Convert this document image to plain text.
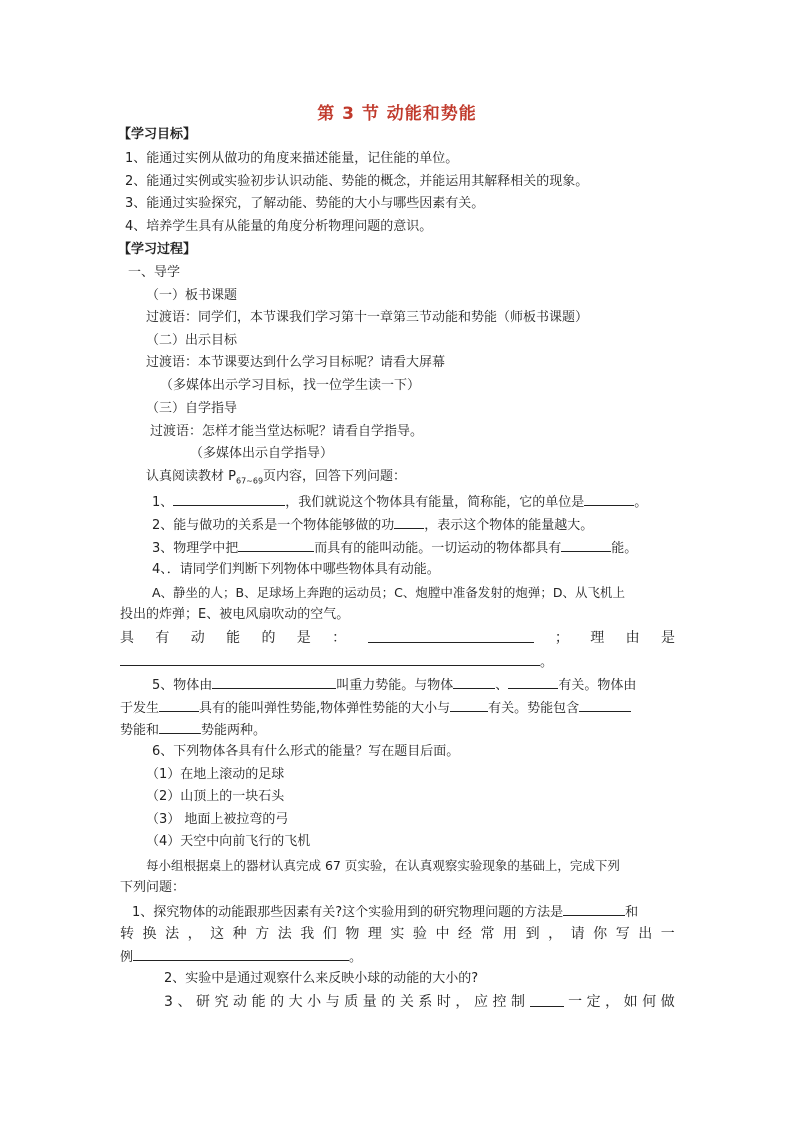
第 3 节 动能和势能
【学习目标】
1、能通过实例从做功的角度来描述能量，记住能的单位。
2、能通过实例或实验初步认识动能、势能的概念，并能运用其解释相关的现象。
3、能通过实验探究，了解动能、势能的大小与哪些因素有关。
4、培养学生具有从能量的角度分析物理问题的意识。
【学习过程】
一、导学
（一）板书课题
过渡语：同学们，本节课我们学习第十一章第三节动能和势能（师板书课题）
（二）出示目标
过渡语：本节课要达到什么学习目标呢？请看大屏幕
（多媒体出示学习目标，找一位学生读一下）
（三）自学指导
过渡语：怎样才能当堂达标呢？请看自学指导。
（多媒体出示自学指导）
认真阅读教材 $P_{67\sim 69}$页内容，回答下列问题：
1、	，我们就说这个物体具有能量，简称能，它的单位是	。
2、能与做功的关系是一个物体能够做的功 ，表示这个物体的能量越大。
3、物理学中把	而具有的能叫动能。一切运动的物体都具有	能。
4、．请同学们判断下列物体中哪些物体具有动能。
A、静坐的人；B、足球场上奔跑的运动员；C、炮膛中准备发射的炮弹；D、从飞机上
投出的炸弹；E、被电风扇吹动的空气。
具 有 动 能 的 是 ：	； 理 由 是
。
5、物体由	叫重力势能。与物体	、	有关。物体由
于发生	具有的能叫弹性势能,物体弹性势能的大小与	有关。势能包含
势能和	势能两种。
6、下列物体各具有什么形式的能量？写在题目后面。
（1）在地上滚动的足球
（2）山顶上的一块石头
（3） 地面上被拉弯的弓
（4）天空中向前飞行的飞机
每小组根据桌上的器材认真完成 67 页实验，在认真观察实验现象的基础上，完成下列
下列问题：
1、探究物体的动能跟那些因素有关?这个实验用到的研究物理问题的方法是	和
转 换 法 ， 这 种 方 法 我 们 物 理 实 验 中 经 常 用 到 ， 请 你 写 出 一
例	。
2、实验中是通过观察什么来反映小球的动能的大小的?
3 、 研 究 动 能 的 大 小 与 质 量 的 关 系 时 ， 应 控 制	一 定 ， 如 何 做
